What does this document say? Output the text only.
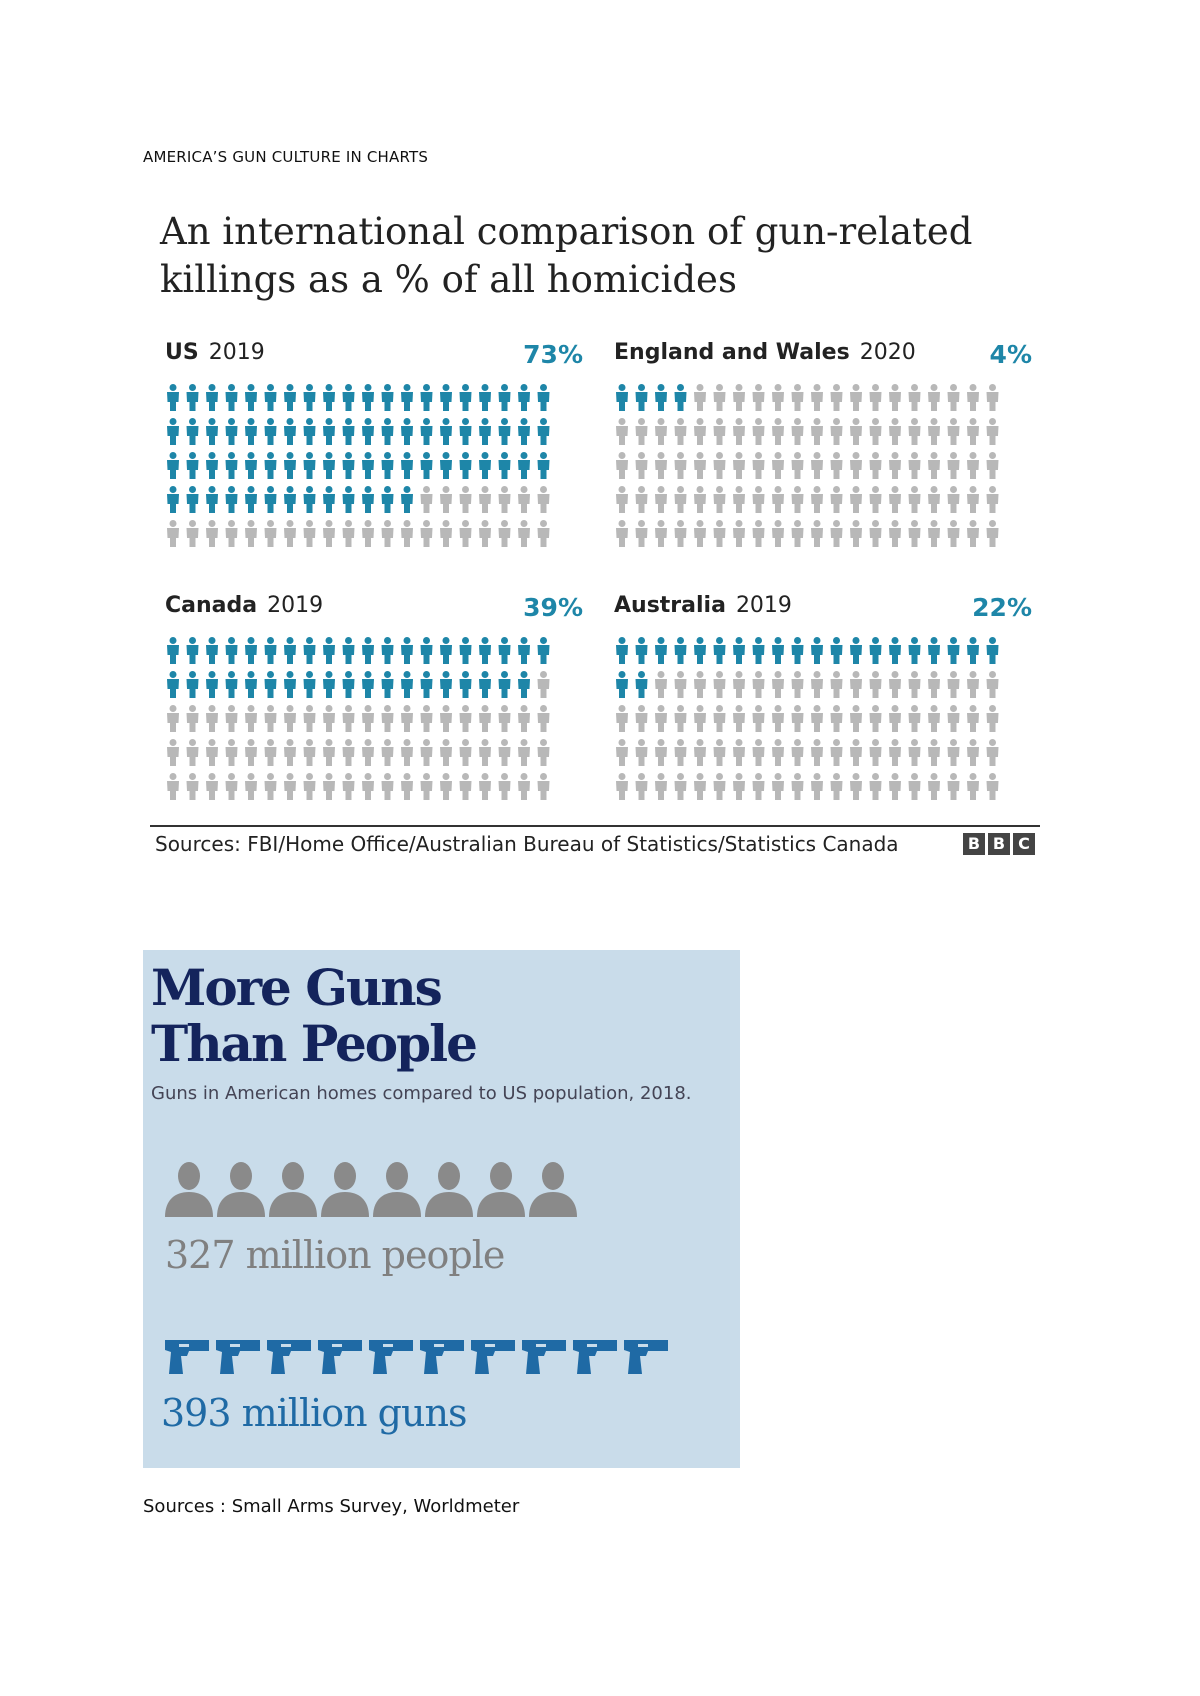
AMERICA’S GUN CULTURE IN CHARTS
An international comparison of gun-related killings as a % of all homicides
US 2019	73% England and Wales 2020	4%
Canada 2019	39% Australia 2019	22%
Sources: FBI/Home Office/Australian Bureau of Statistics/Statistics Canada	B B C
More Guns
Than People
Guns in American homes compared to US population, 2018.
327 million people
393 million guns
Sources : Small Arms Survey, Worldmeter
